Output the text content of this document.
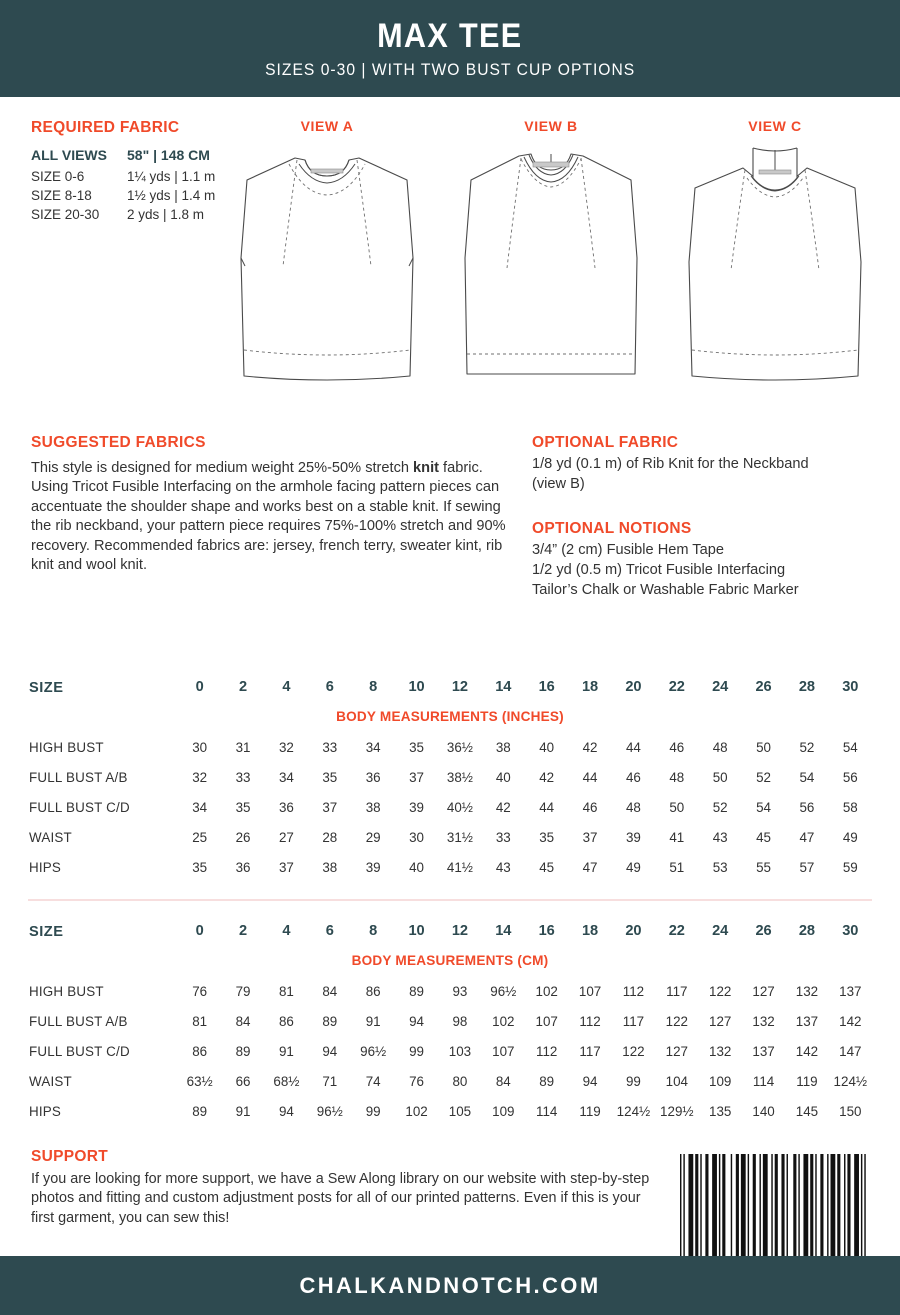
MAX TEE
SIZES 0-30 | WITH TWO BUST CUP OPTIONS
REQUIRED FABRIC
ALL VIEWS	58" | 148 CM
SIZE 0-6	1¼ yds | 1.1 m
SIZE 8-18	1½ yds | 1.4 m
SIZE 20-30	2 yds | 1.8 m
VIEW A	VIEW B	VIEW C
SUGGESTED FABRICS
This style is designed for medium weight 25%-50% stretch knit fabric. Using Tricot Fusible Interfacing on the armhole facing pattern pieces can accentuate the shoulder shape and works best on a stable knit. If sewing the rib neckband, your pattern piece requires 75%-100% stretch and 90% recovery. Recommended fabrics are: jersey, french terry, sweater kint, rib knit and wool knit.
OPTIONAL FABRIC
1/8 yd (0.1 m) of Rib Knit for the Neckband
(view B)
OPTIONAL NOTIONS
3/4” (2 cm) Fusible Hem Tape
1/2 yd (0.5 m) Tricot Fusible Interfacing
Tailor’s Chalk or Washable Fabric Marker
SIZE	0	2	4	6	8	10	12	14	16	18	20	22	24	26	28	30
BODY MEASUREMENTS (INCHES)																
HIGH BUST	30	31	32	33	34	35	36½	38	40	42	44	46	48	50	52	54
FULL BUST A/B	32	33	34	35	36	37	38½	40	42	44	46	48	50	52	54	56
FULL BUST C/D	34	35	36	37	38	39	40½	42	44	46	48	50	52	54	56	58
WAIST	25	26	27	28	29	30	31½	33	35	37	39	41	43	45	47	49
HIPS	35	36	37	38	39	40	41½	43	45	47	49	51	53	55	57	59
SIZE	0	2	4	6	8	10	12	14	16	18	20	22	24	26	28	30
BODY MEASUREMENTS (CM)																
HIGH BUST	76	79	81	84	86	89	93	96½	102	107	112	117	122	127	132	137
FULL BUST A/B	81	84	86	89	91	94	98	102	107	112	117	122	127	132	137	142
FULL BUST C/D	86	89	91	94	96½	99	103	107	112	117	122	127	132	137	142	147
WAIST	63½	66	68½	71	74	76	80	84	89	94	99	104	109	114	119	124½
HIPS	89	91	94	96½	99	102	105	109	114	119	124½	129½	135	140	145	150
SUPPORT
If you are looking for more support, we have a Sew Along library on our website with step-by-step photos and fitting and custom adjustment posts for all of our printed patterns. Even if this is your first garment, you can sew this!
CHALKANDNOTCH.COM
